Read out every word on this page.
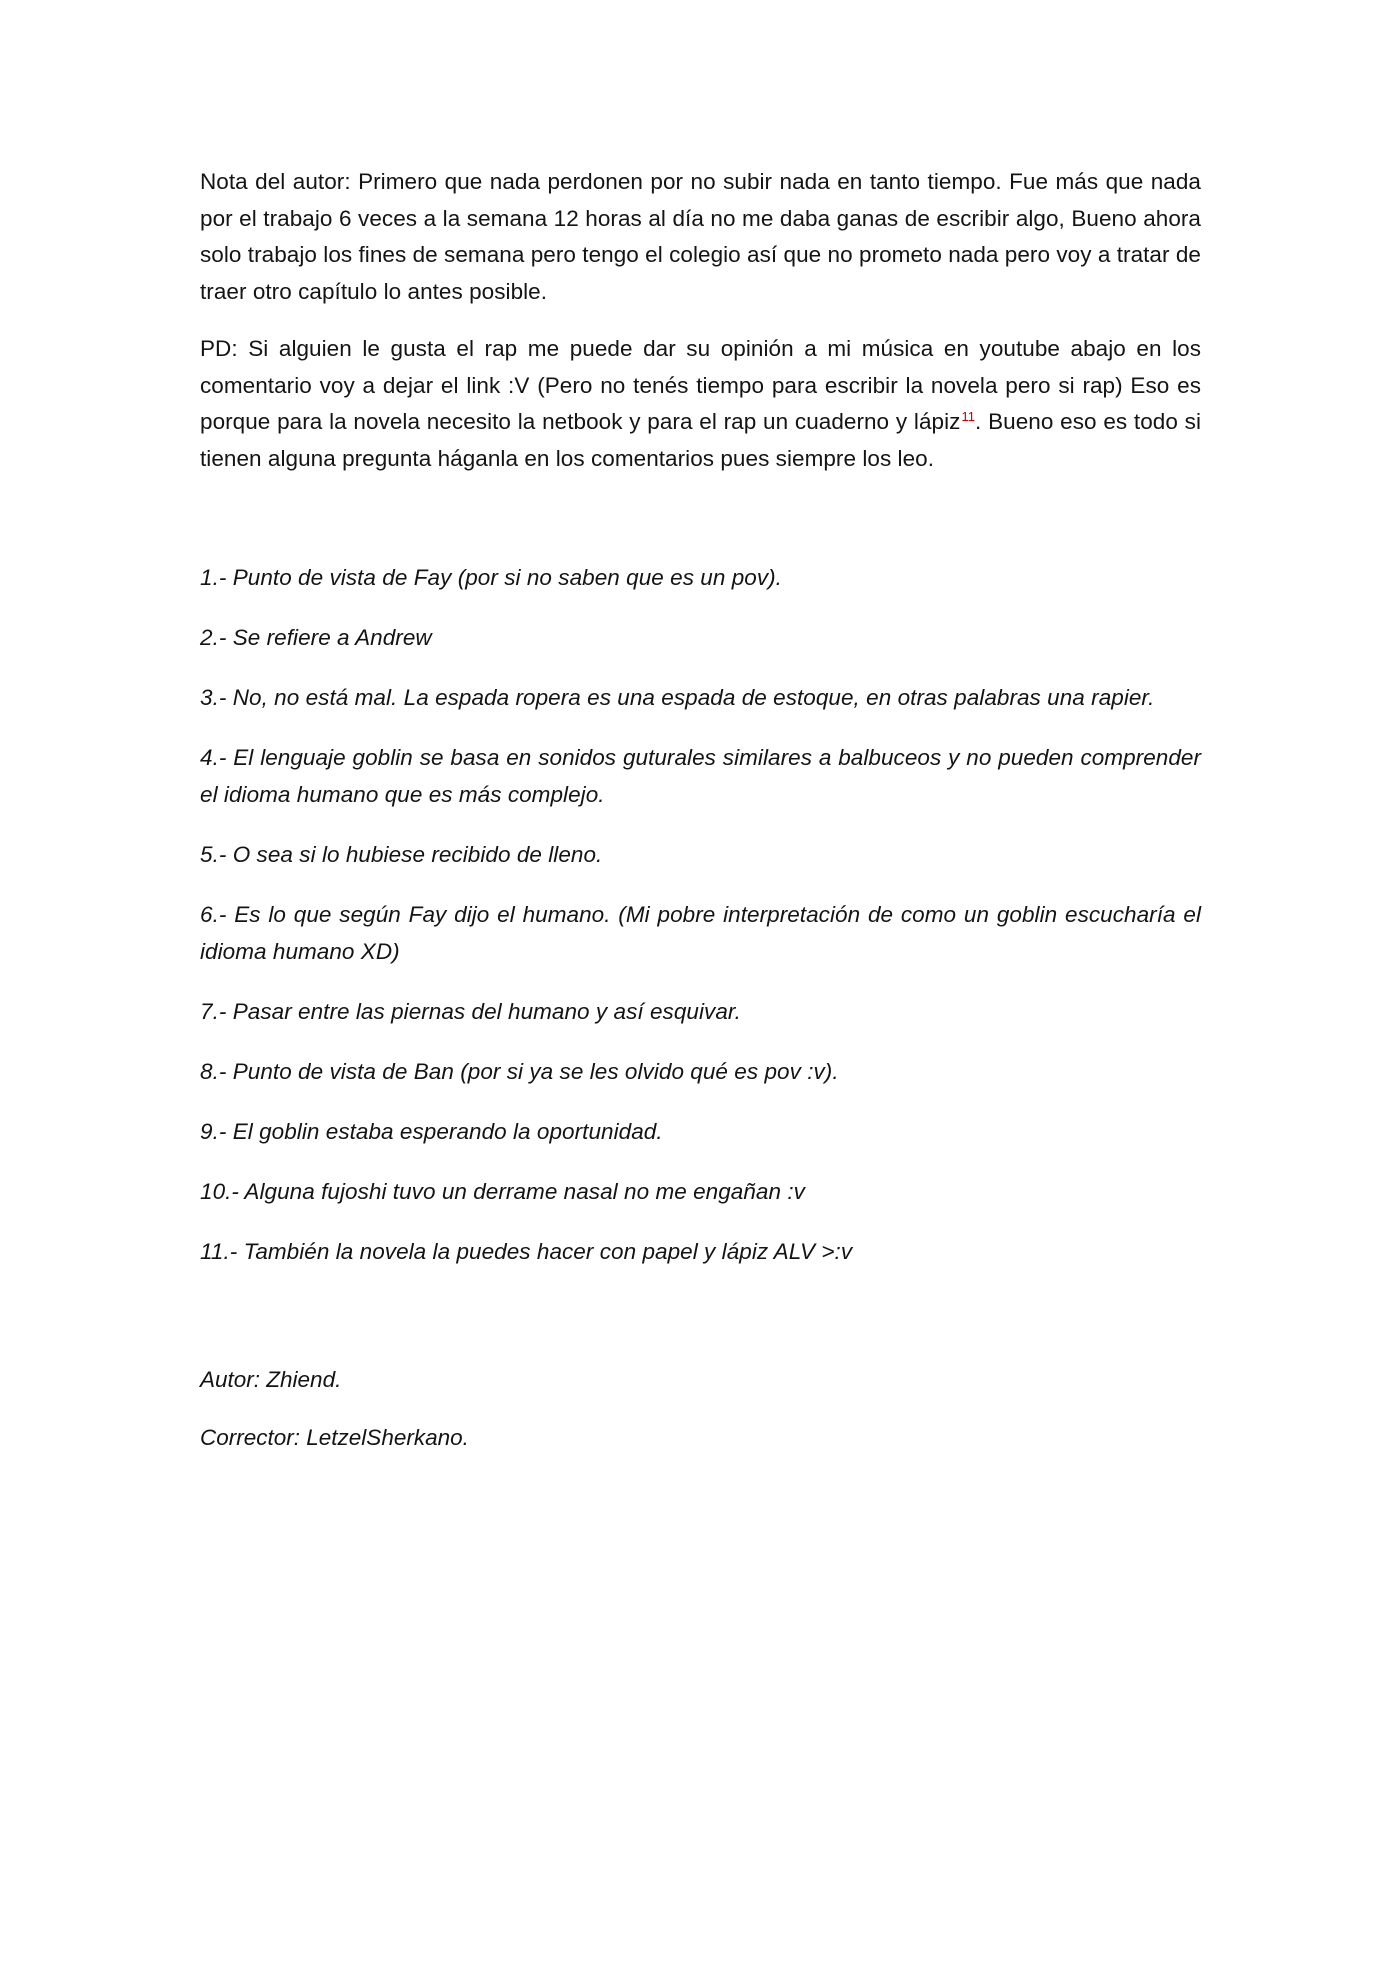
Nota del autor: Primero que nada perdonen por no subir nada en tanto tiempo. Fue más que nada por el trabajo 6 veces a la semana 12 horas al día no me daba ganas de escribir algo, Bueno ahora solo trabajo los fines de semana pero tengo el colegio así que no prometo nada pero voy a tratar de traer otro capítulo lo antes posible.

PD: Si alguien le gusta el rap me puede dar su opinión a mi música en youtube abajo en los comentario voy a dejar el link :V (Pero no tenés tiempo para escribir la novela pero si rap) Eso es porque para la novela necesito la netbook y para el rap un cuaderno y lápiz$^{11}$. Bueno eso es todo si tienen alguna pregunta háganla en los comentarios pues siempre los leo.

1.- Punto de vista de Fay (por si no saben que es un pov).
2.- Se refiere a Andrew
3.- No, no está mal. La espada ropera es una espada de estoque, en otras palabras una rapier.
4.- El lenguaje goblin se basa en sonidos guturales similares a balbuceos y no pueden comprender el idioma humano que es más complejo.
5.- O sea si lo hubiese recibido de lleno.
6.- Es lo que según Fay dijo el humano. (Mi pobre interpretación de como un goblin escucharía el idioma humano XD)
7.- Pasar entre las piernas del humano y así esquivar.
8.- Punto de vista de Ban (por si ya se les olvido qué es pov :v).
9.- El goblin estaba esperando la oportunidad.
10.- Alguna fujoshi tuvo un derrame nasal no me engañan :v
11.- También la novela la puedes hacer con papel y lápiz ALV >:v

Autor: Zhiend.

Corrector: LetzelSherkano.
